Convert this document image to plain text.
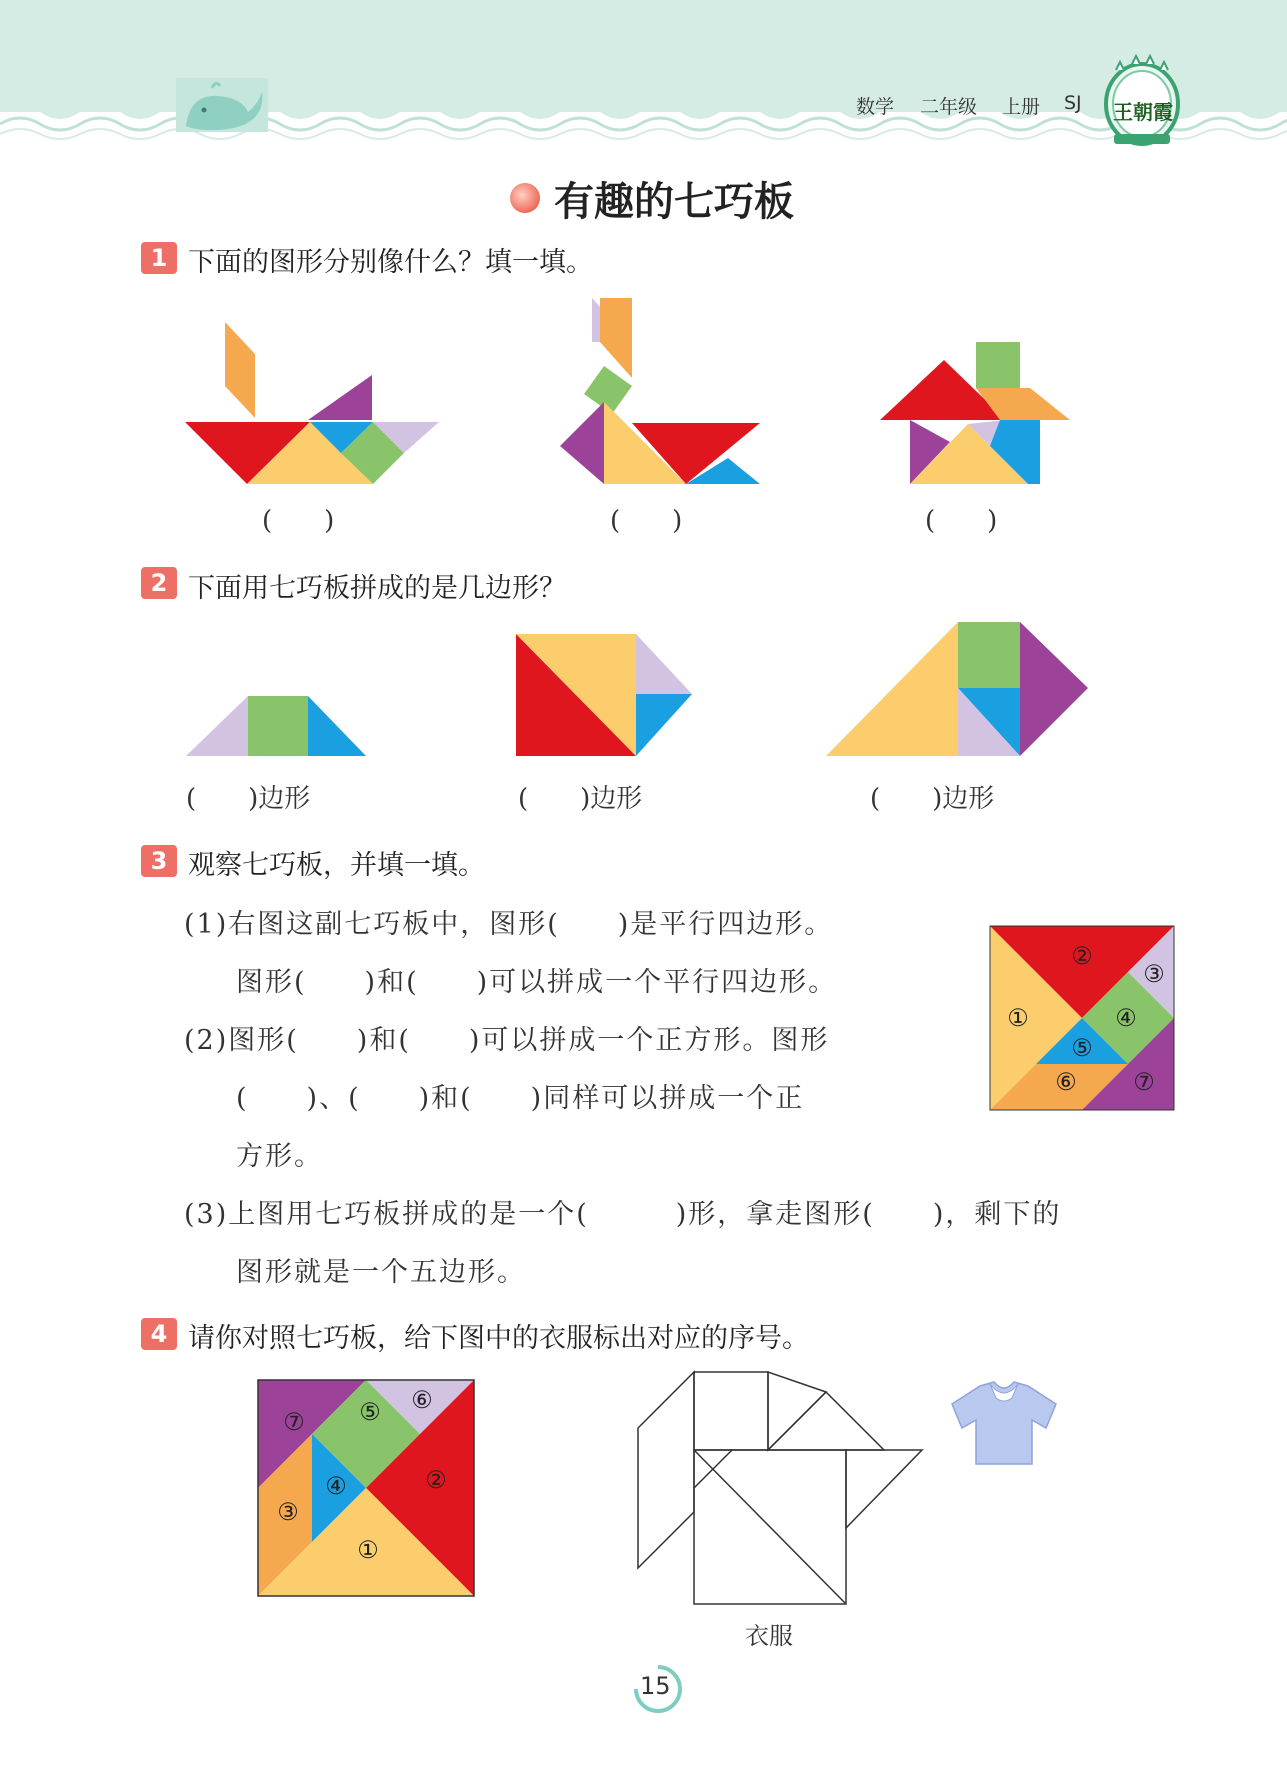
数学 二年级 上册 SJ 王朝霞
有趣的七巧板
1 下面的图形分别像什么？填一填。
(　　)	(　　)	(　　)
2 下面用七巧板拼成的是几边形？
(　　)边形	(　　)边形	(　　)边形
3 观察七巧板，并填一填。
(1)右图这副七巧板中，图形(　　)是平行四边形。
图形(　　)和(　　)可以拼成一个平行四边形。
(2)图形(　　)和(　　)可以拼成一个正方形。图形
(　　)、(　　)和(　　)同样可以拼成一个正
方形。
(3)上图用七巧板拼成的是一个(　　　)形，拿走图形(　　)，剩下的
图形就是一个五边形。
①
②
③
④
⑤
⑥ ⑦
4 请你对照七巧板，给下图中的衣服标出对应的序号。
⑦ ⑤ ⑥
④	②
③
①
衣服
15
